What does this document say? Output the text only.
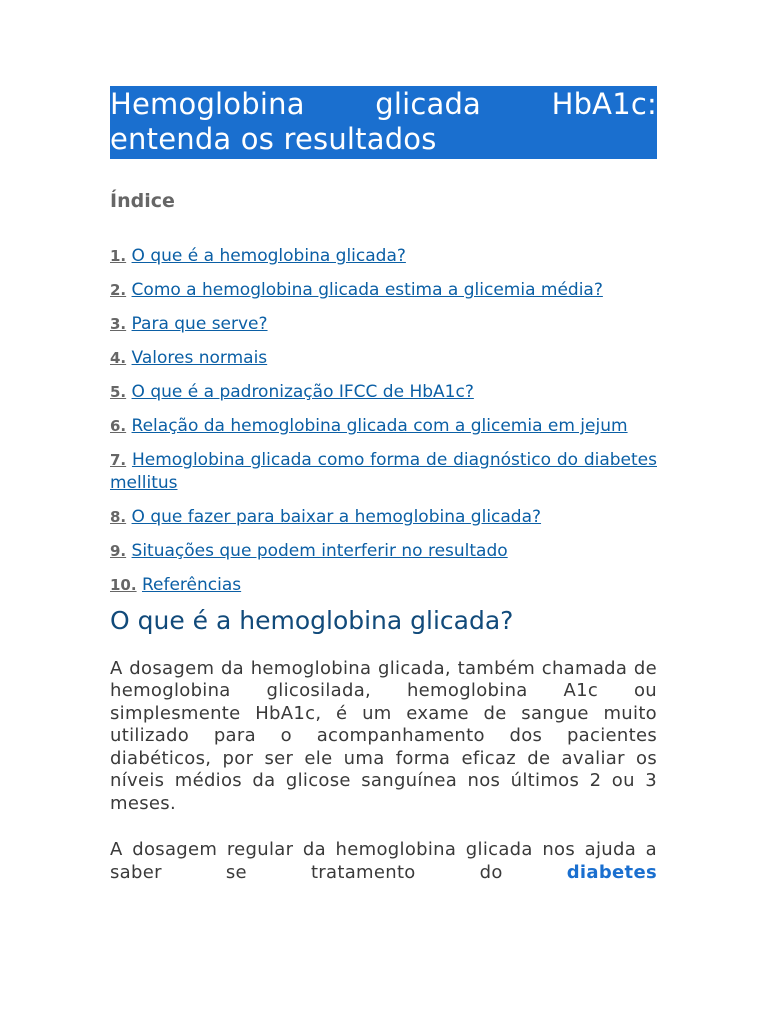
Hemoglobina glicada HbA1c: entenda os resultados
Índice
1. O que é a hemoglobina glicada?
2. Como a hemoglobina glicada estima a glicemia média?
3. Para que serve?
4. Valores normais
5. O que é a padronização IFCC de HbA1c?
6. Relação da hemoglobina glicada com a glicemia em jejum
7. Hemoglobina glicada como forma de diagnóstico do diabetes mellitus
8. O que fazer para baixar a hemoglobina glicada?
9. Situações que podem interferir no resultado
10. Referências
O que é a hemoglobina glicada?

A dosagem da hemoglobina glicada, também chamada de hemoglobina glicosilada, hemoglobina A1c ou simplesmente HbA1c, é um exame de sangue muito utilizado para o acompanhamento dos pacientes diabéticos, por ser ele uma forma eficaz de avaliar os níveis médios da glicose sanguínea nos últimos 2 ou 3 meses.

A dosagem regular da hemoglobina glicada nos ajuda a saber se tratamento do	diabetes
